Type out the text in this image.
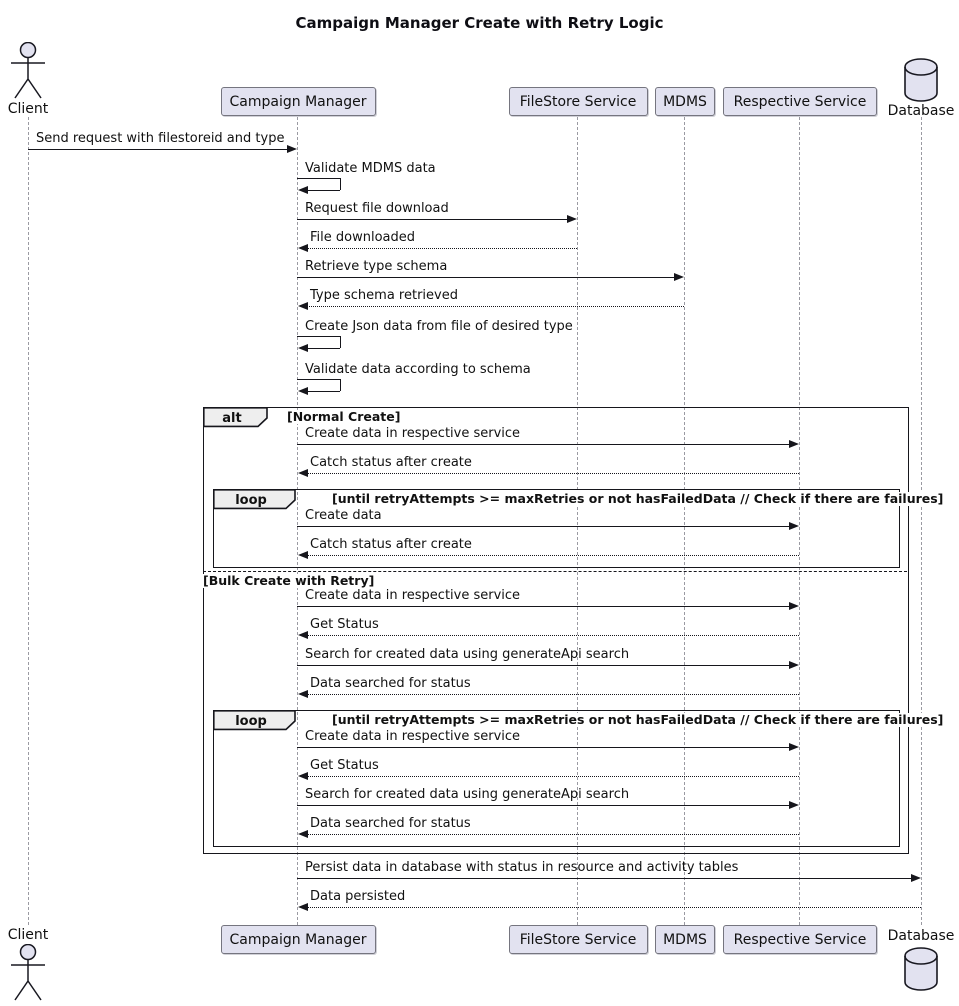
Campaign Manager Create with Retry Logic
Client
Client
Campaign Manager
Campaign Manager
FileStore Service
FileStore Service
MDMS
MDMS
Respective Service
Respective Service
Database
Database
alt	[Normal Create]
loop	[until retryAttempts >= maxRetries or not hasFailedData // Check if there are failures]
[Bulk Create with Retry]
loop	[until retryAttempts >= maxRetries or not hasFailedData // Check if there are failures]
Send request with filestoreid and type
Validate MDMS data
Request file download
File downloaded
Retrieve type schema
Type schema retrieved
Create Json data from file of desired type
Validate data according to schema
Create data in respective service
Catch status after create
Create data
Catch status after create
Create data in respective service
Get Status
Search for created data using generateApi search
Data searched for status
Create data in respective service
Get Status
Search for created data using generateApi search
Data searched for status
Persist data in database with status in resource and activity tables
Data persisted
